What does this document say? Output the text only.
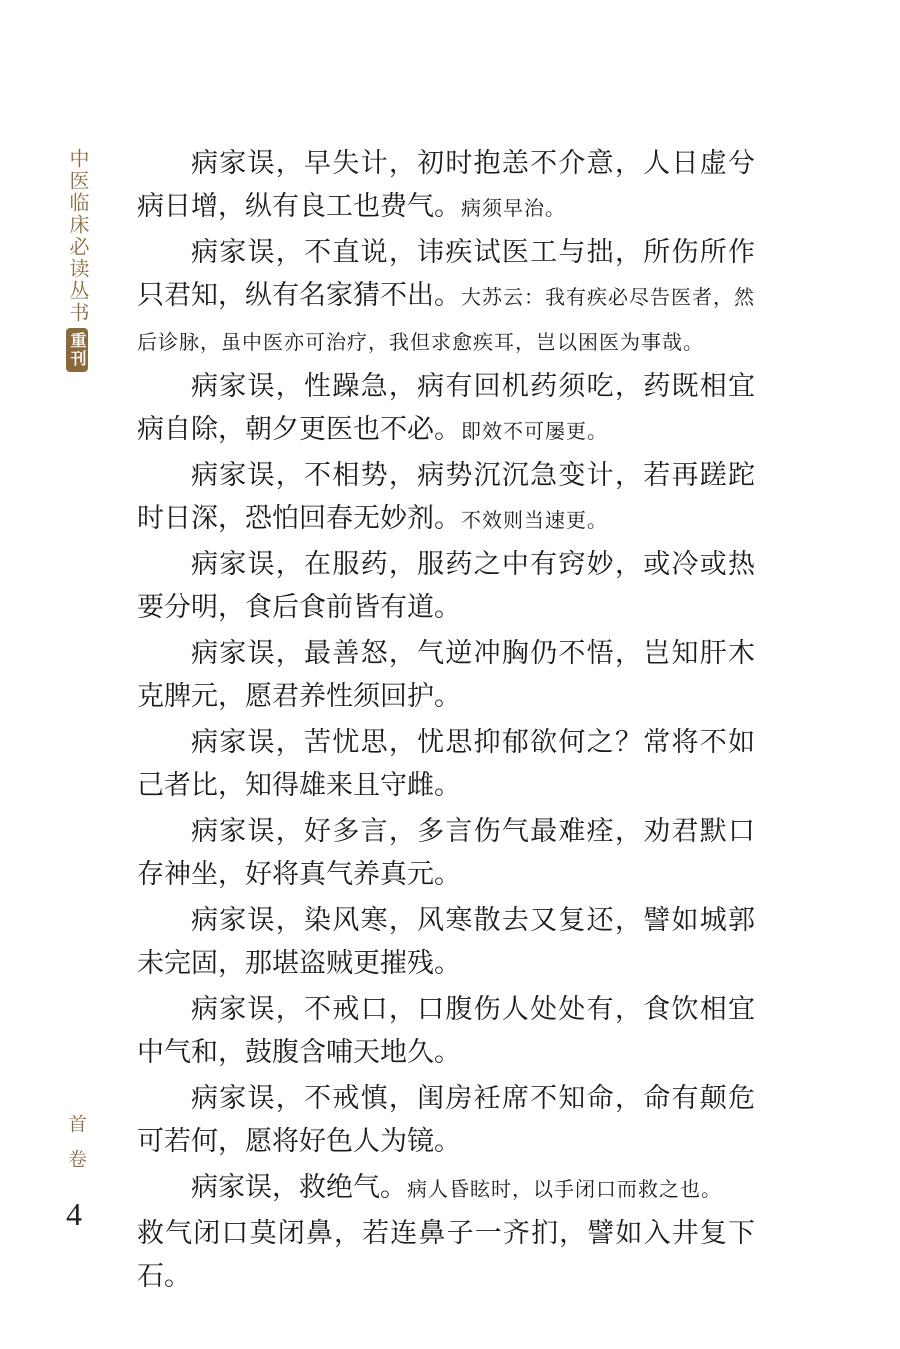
中医临床必读丛书
重刊
首卷
4

病家误，早失计，初时抱恙不介意，人日虚兮病日增，纵有良工也费气。病须早治。

病家误，不直说，讳疾试医工与拙，所伤所作只君知，纵有名家猜不出。大苏云：我有疾必尽告医者，然后诊脉，虽中医亦可治疗，我但求愈疾耳，岂以困医为事哉。

病家误，性躁急，病有回机药须吃，药既相宜病自除，朝夕更医也不必。即效不可屡更。

病家误，不相势，病势沉沉急变计，若再蹉跎时日深，恐怕回春无妙剂。不效则当速更。

病家误，在服药，服药之中有窍妙，或冷或热要分明，食后食前皆有道。

病家误，最善怒，气逆冲胸仍不悟，岂知肝木克脾元，愿君养性须回护。

病家误，苦忧思，忧思抑郁欲何之？常将不如己者比，知得雄来且守雌。

病家误，好多言，多言伤气最难痊，劝君默口存神坐，好将真气养真元。

病家误，染风寒，风寒散去又复还，譬如城郭未完固，那堪盗贼更摧残。

病家误，不戒口，口腹伤人处处有，食饮相宜中气和，鼓腹含哺天地久。

病家误，不戒慎，闺房衽席不知命，命有颠危可若何，愿将好色人为镜。

病家误，救绝气。病人昏眩时，以手闭口而救之也。

救气闭口莫闭鼻，若连鼻子一齐扪，譬如入井复下石。
